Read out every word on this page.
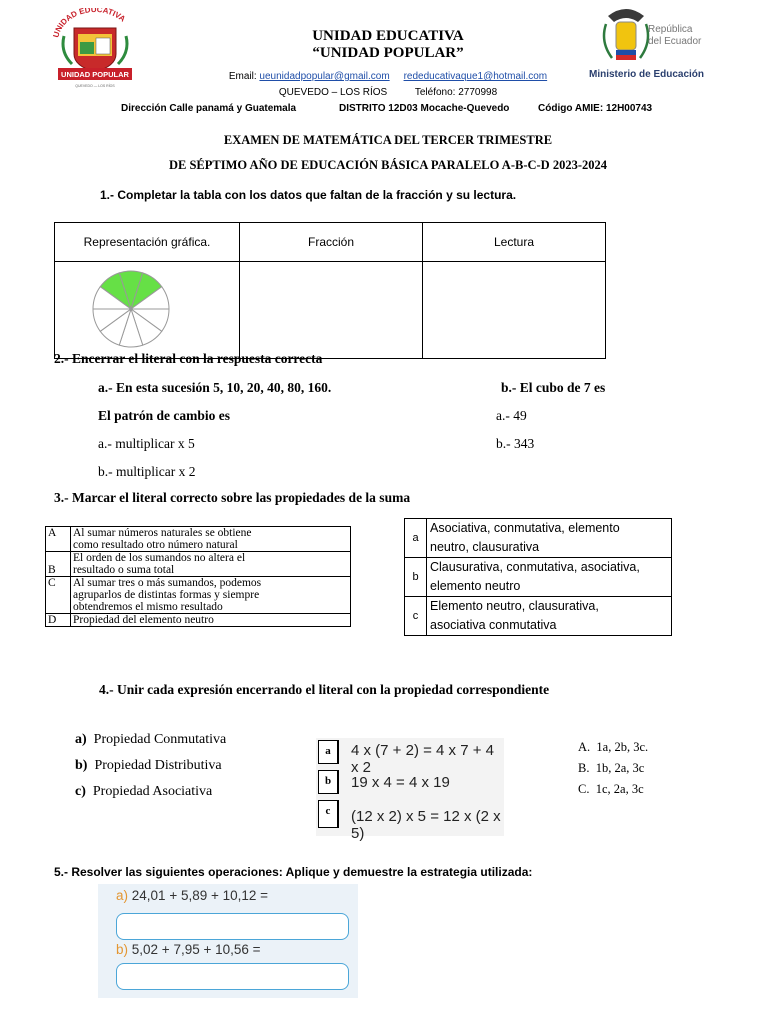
UNIDAD EDUCATIVA
UNIDAD POPULAR
QUEVEDO — LOS RÍOS
República
del Ecuador
Ministerio de Educación
UNIDAD EDUCATIVA
“UNIDAD POPULAR”
Email: ueunidadpopular@gmail.com rededucativaque1@hotmail.com
QUEVEDO – LOS RÍOS	Teléfono: 2770998
Dirección Calle panamá y Guatemala	DISTRITO 12D03 Mocache-Quevedo	Código AMIE: 12H00743
EXAMEN DE MATEMÁTICA DEL TERCER TRIMESTRE
DE SÉPTIMO AÑO DE EDUCACIÓN BÁSICA PARALELO A-B-C-D 2023-2024
1.- Completar la tabla con los datos que faltan de la fracción y su lectura.
Representación gráfica.	Fracción	Lectura

2.- Encerrar el literal con la respuesta correcta
a.- En esta sucesión 5, 10, 20, 40, 80, 160.
El patrón de cambio es
a.- multiplicar x 5
b.- multiplicar x 2
b.- El cubo de 7 es
a.- 49
b.- 343
3.- Marcar el literal correcto sobre las propiedades de la suma
A	Al sumar números naturales se obtiene
como resultado otro número natural

B	El orden de los sumandos no altera el
resultado o suma total

C	Al sumar tres o más sumandos, podemos
agruparlos de distintas formas y siempre
obtendremos el mismo resultado

D	Propiedad del elemento neutro
a	Asociativa, conmutativa, elemento
neutro, clausurativa

b	Clausurativa, conmutativa, asociativa,
elemento neutro

c	Elemento neutro, clausurativa,
asociativa conmutativa
4.- Unir cada expresión encerrando el literal con la propiedad correspondiente
a) Propiedad Conmutativa
b) Propiedad Distributiva
c) Propiedad Asociativa
a	4 x (7 + 2) = 4 x 7 + 4 x 2
b	19 x 4 = 4 x 19
c	(12 x 2) x 5 = 12 x (2 x 5)
A. 1a, 2b, 3c.
B. 1b, 2a, 3c
C. 1c, 2a, 3c
5.- Resolver las siguientes operaciones: Aplique y demuestre la estrategia utilizada:
a) 24,01 + 5,89 + 10,12 =
b) 5,02 + 7,95 + 10,56 =
